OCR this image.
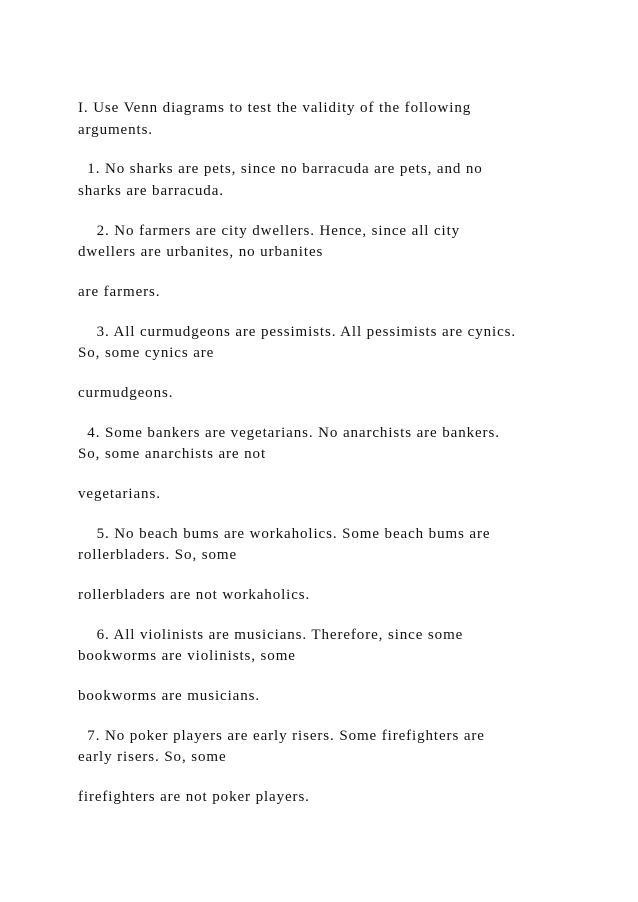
I. Use Venn diagrams to test the validity of the following

arguments.

1. No sharks are pets, since no barracuda are pets, and no

sharks are barracuda.

2. No farmers are city dwellers. Hence, since all city

dwellers are urbanites, no urbanites

are farmers.

3. All curmudgeons are pessimists. All pessimists are cynics.

So, some cynics are

curmudgeons.

4. Some bankers are vegetarians. No anarchists are bankers.

So, some anarchists are not

vegetarians.

5. No beach bums are workaholics. Some beach bums are

rollerbladers. So, some

rollerbladers are not workaholics.

6. All violinists are musicians. Therefore, since some

bookworms are violinists, some

bookworms are musicians.

7. No poker players are early risers. Some firefighters are

early risers. So, some

firefighters are not poker players.
